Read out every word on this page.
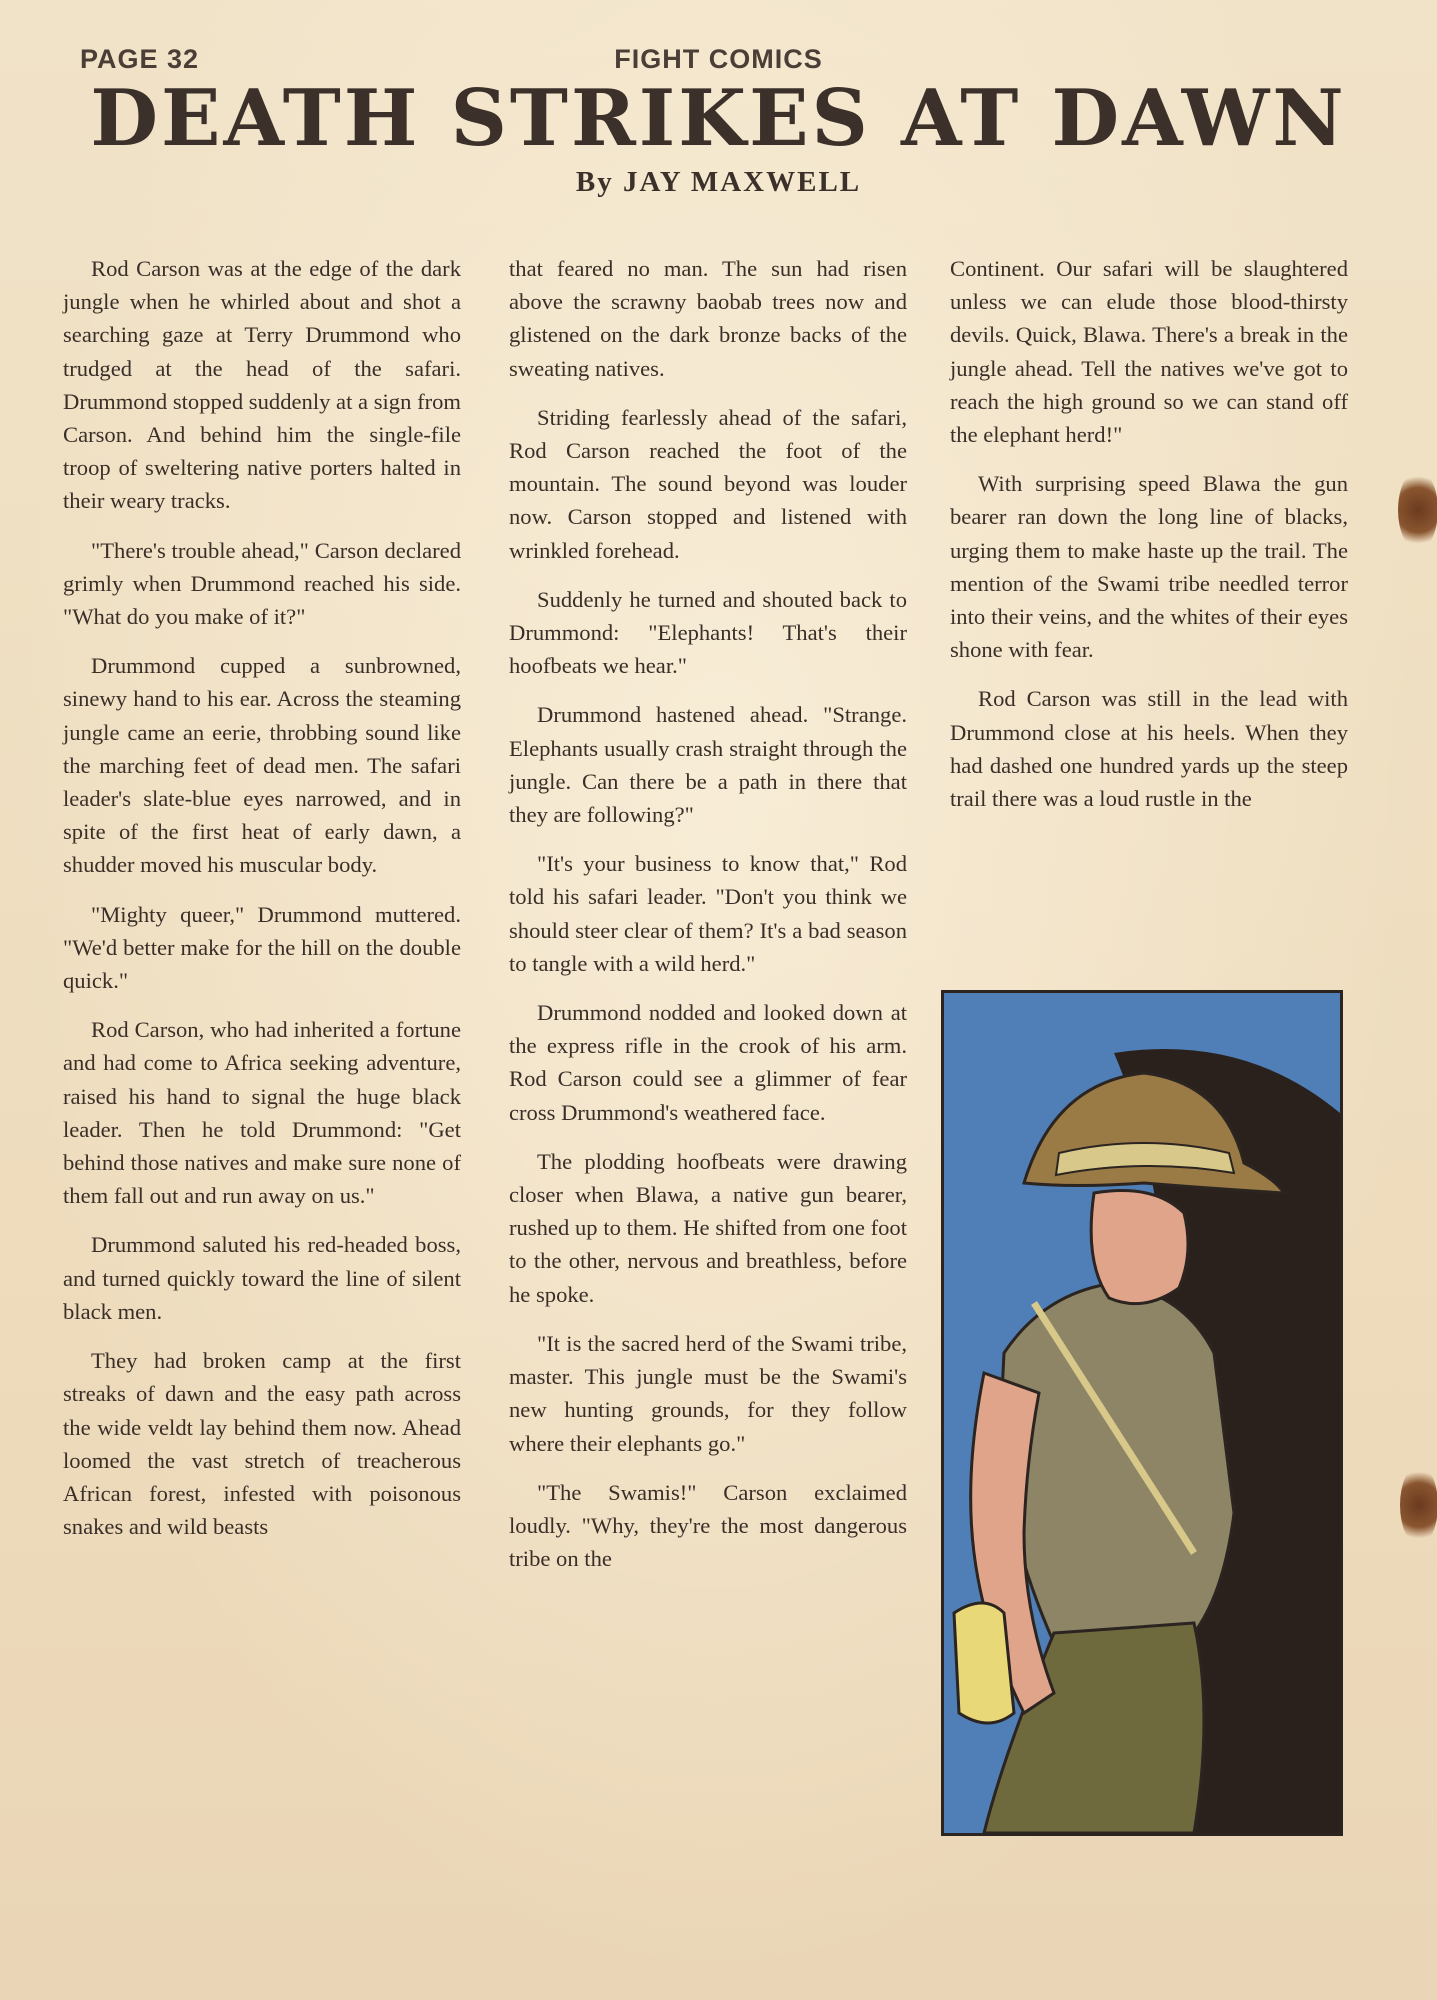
PAGE 32	FIGHT COMICS
DEATH STRIKES AT DAWN
By JAY MAXWELL

Rod Carson was at the edge of the dark jungle when he whirled about and shot a searching gaze at Terry Drummond who trudged at the head of the safari. Drummond stopped suddenly at a sign from Carson. And behind him the single-file troop of sweltering native porters halted in their weary tracks.

"There's trouble ahead," Carson declared grimly when Drummond reached his side. "What do you make of it?"

Drummond cupped a sunbrowned, sinewy hand to his ear. Across the steaming jungle came an eerie, throbbing sound like the marching feet of dead men. The safari leader's slate-blue eyes narrowed, and in spite of the first heat of early dawn, a shudder moved his muscular body.

"Mighty queer," Drummond muttered. "We'd better make for the hill on the double quick."

Rod Carson, who had inherited a fortune and had come to Africa seeking adventure, raised his hand to signal the huge black leader. Then he told Drummond: "Get behind those natives and make sure none of them fall out and run away on us."

Drummond saluted his red-headed boss, and turned quickly toward the line of silent black men.

They had broken camp at the first streaks of dawn and the easy path across the wide veldt lay behind them now. Ahead loomed the vast stretch of treacherous African forest, infested with poisonous snakes and wild beasts

that feared no man. The sun had risen above the scrawny baobab trees now and glistened on the dark bronze backs of the sweating natives.

Striding fearlessly ahead of the safari, Rod Carson reached the foot of the mountain. The sound beyond was louder now. Carson stopped and listened with wrinkled forehead.

Suddenly he turned and shouted back to Drummond: "Elephants! That's their hoofbeats we hear."

Drummond hastened ahead. "Strange. Elephants usually crash straight through the jungle. Can there be a path in there that they are following?"

"It's your business to know that," Rod told his safari leader. "Don't you think we should steer clear of them? It's a bad season to tangle with a wild herd."

Drummond nodded and looked down at the express rifle in the crook of his arm. Rod Carson could see a glimmer of fear cross Drummond's weathered face.

The plodding hoofbeats were drawing closer when Blawa, a native gun bearer, rushed up to them. He shifted from one foot to the other, nervous and breathless, before he spoke.

"It is the sacred herd of the Swami tribe, master. This jungle must be the Swami's new hunting grounds, for they follow where their elephants go."

"The Swamis!" Carson exclaimed loudly. "Why, they're the most dangerous tribe on the

Continent. Our safari will be slaughtered unless we can elude those blood-thirsty devils. Quick, Blawa. There's a break in the jungle ahead. Tell the natives we've got to reach the high ground so we can stand off the elephant herd!"

With surprising speed Blawa the gun bearer ran down the long line of blacks, urging them to make haste up the trail. The mention of the Swami tribe needled terror into their veins, and the whites of their eyes shone with fear.

Rod Carson was still in the lead with Drummond close at his heels. When they had dashed one hundred yards up the steep trail there was a loud rustle in the
